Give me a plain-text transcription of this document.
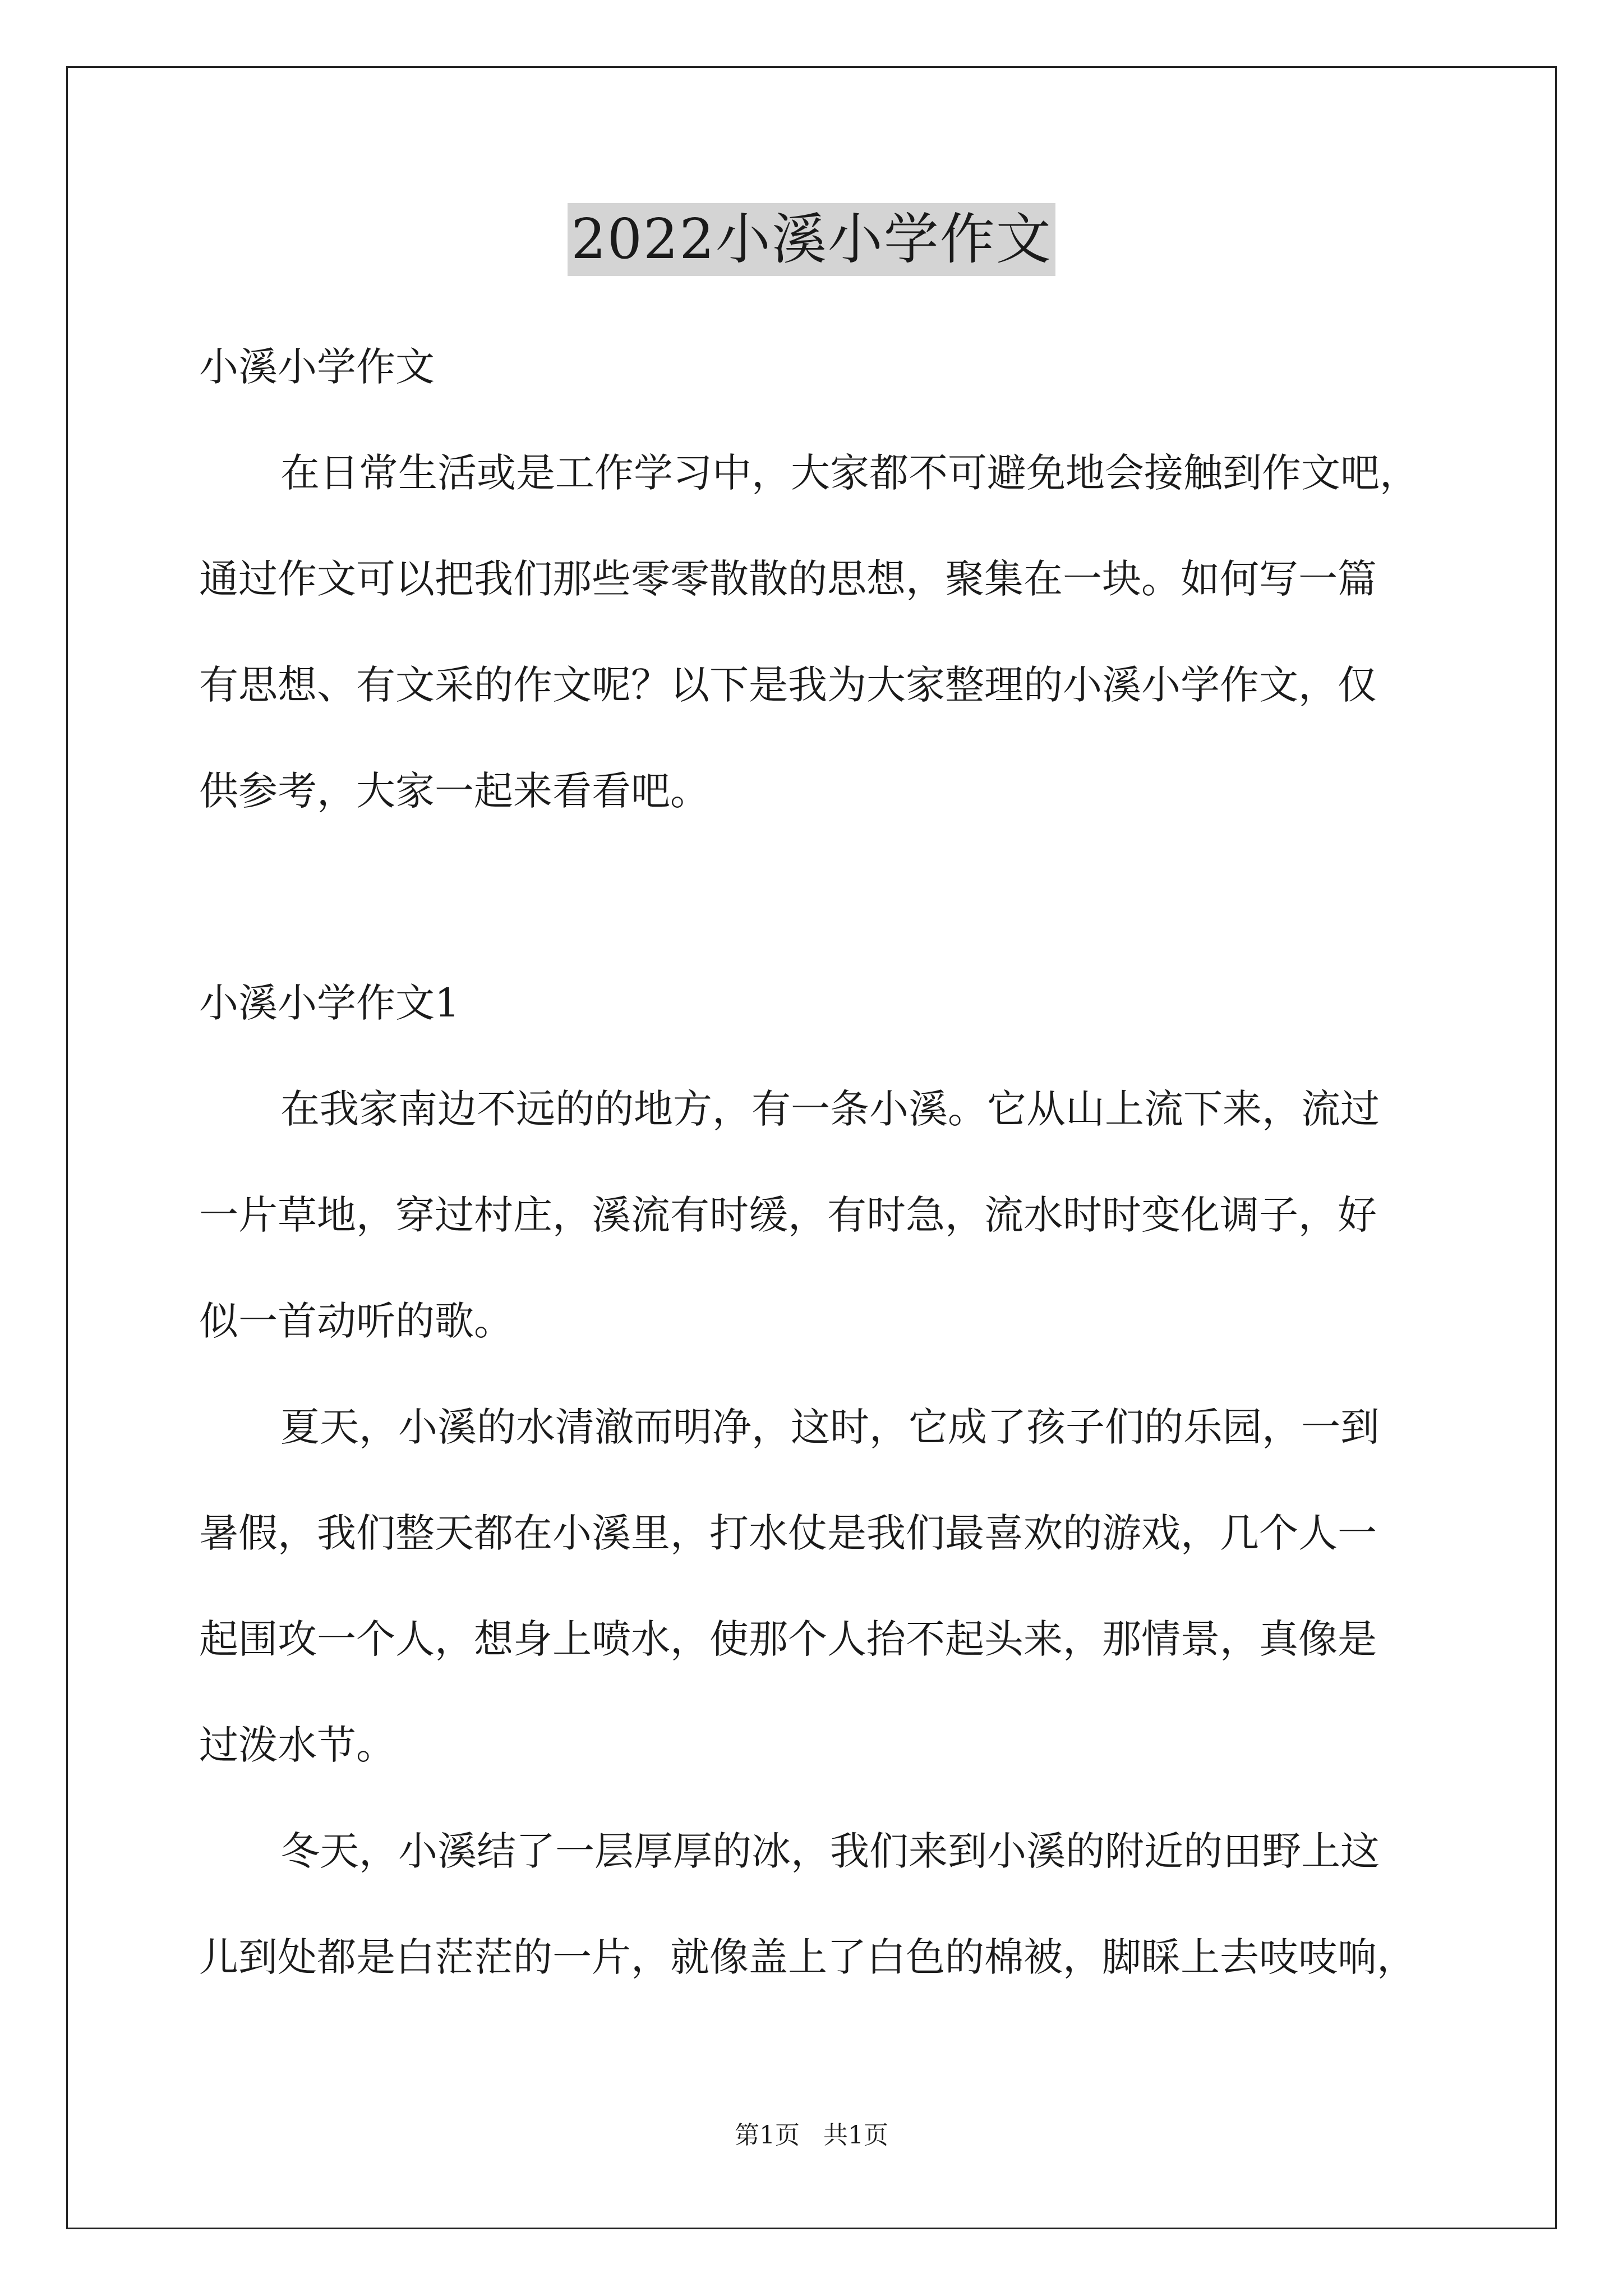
2022小溪小学作文
小溪小学作文
在日常生活或是工作学习中，大家都不可避免地会接触到作文吧，
通过作文可以把我们那些零零散散的思想，聚集在一块。如何写一篇
有思想、有文采的作文呢？以下是我为大家整理的小溪小学作文，仅
供参考，大家一起来看看吧。
小溪小学作文1
在我家南边不远的的地方，有一条小溪。它从山上流下来，流过
一片草地，穿过村庄，溪流有时缓，有时急，流水时时变化调子，好
似一首动听的歌。
夏天，小溪的水清澈而明净，这时，它成了孩子们的乐园，一到
暑假，我们整天都在小溪里，打水仗是我们最喜欢的游戏，几个人一
起围攻一个人，想身上喷水，使那个人抬不起头来，那情景，真像是
过泼水节。
冬天，小溪结了一层厚厚的冰，我们来到小溪的附近的田野上这
儿到处都是白茫茫的一片，就像盖上了白色的棉被，脚睬上去吱吱响，
第1页 共1页
